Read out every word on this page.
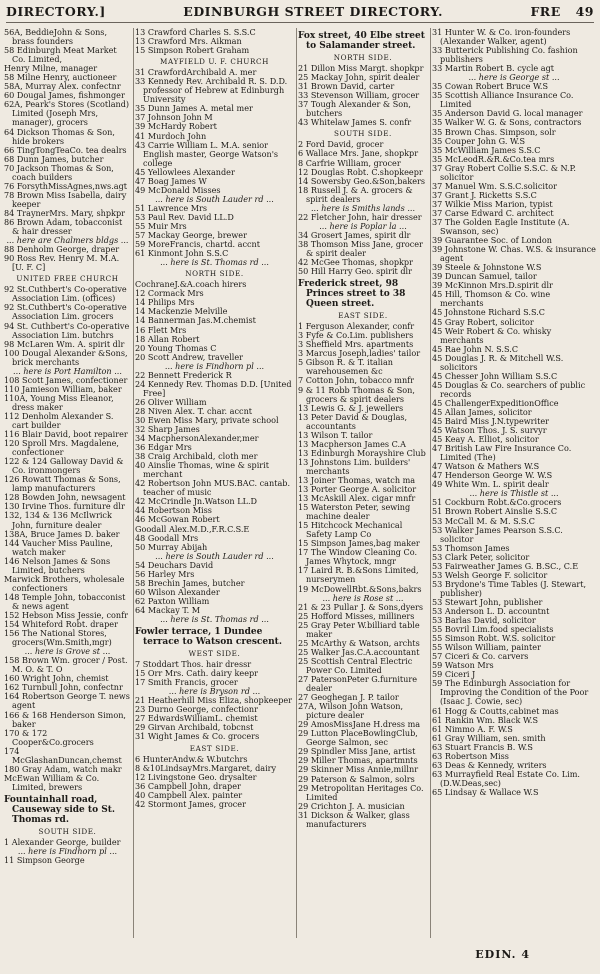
DIRECTORY.]	EDINBURGH STREET DIRECTORY.	FRE 49
56A, BeddieJohn & Sons, brass founders
58 Edinburgh Meat Market Co. Limited,
Henry Milne, manager
58 Milne Henry, auctioneer
58A, Murray Alex. confectnr
60 Dougal James, fishmonger
62A, Peark's Stores (Scotland) Limited (Joseph Mrs, manager), grocers
64 Dickson Thomas & Son, hide brokers
66 TingTongTeaCo. tea dealrs
68 Dunn James, butcher
70 Jackson Thomas & Son, coach builders
76 ForsythMissAgnes,nws.agt
78 Brown Miss Isabella, dairy keeper
84 TraynerMrs. Mary, shpkpr
86 Brown Adam, tobacconist & hair dresser
... here are Chalmers bldgs ...
88 Denholm George, draper
90 Ross Rev. Henry M. M.A. [U. F. C]
UNITED FREE CHURCH
92 St.Cuthbert's Co-operative Association Lim. (offices)
92 St.Cuthbert's Co-operative Association Lim. grocers
94 St. Cuthbert's Co-operative Association Lim. butchrs
98 McLaren Wm. A. spirit dlr
100 Dougal Alexander &Sons, brick merchants
... here is Port Hamilton ...
108 Scott James, confectioner
110 Jamieson William, baker
110A, Young Miss Eleanor, dress maker
112 Denholm Alexander S. cart builder
116 Blair David, boot repairer
120 Sproll Mrs. Magdalene, confectioner
122 & 124 Galloway David & Co. ironmongers
126 Rowatt Thomas & Sons, lamp manufacturers
128 Bowden John, newsagent
130 Irvine Thos. furniture dlr
132, 134 & 136 McIlwrick John, furniture dealer
138A, Bruce James D. baker
144 Vaucher Miss Pauline, watch maker
146 Nelson James & Sons Limited, butchers
Marwick Brothers, wholesale confectioners
148 Temple John, tobacconist & news agent
152 Hebson Miss Jessie, confr
154 Whiteford Robt. draper
156 The National Stores, grocers(Wm.Smith,mgr)
... here is Grove st ...
158 Brown Wm. grocer / Post. M. O. & T. O
160 Wright John, chemist
162 Turnbull John, confectnr
164 Robertson George T. news agent
166 & 168 Henderson Simon, baker
170 & 172 Cooper&Co.grocers
174 McGlashanDuncan,chemst
180 Gray Adam, watch makr
McEwan William & Co. Limited, brewers
Fountainhall road, Causeway side to St. Thomas rd.
SOUTH SIDE.
1 Alexander George, builder
... here is Findhorn pl ...
11 Simpson George
13 Crawford Charles S. S.S.C
13 Crawford Mrs. Aikman
15 Simpson Robert Graham
MAYFIELD U. F. CHURCH
31 CrawfordArchibald A. mer
33 Kennedy Rev. Archibald R. S. D.D. professor of Hebrew at Edinburgh University
35 Dunn James A. metal mer
37 Johnson John M
39 McHardy Robert
41 Murdoch John
43 Carrie William L. M.A. senior English master, George Watson's college
45 Yellowlees Alexander
47 Boag James W
49 McDonald Misses
... here is South Lauder rd ...
51 Lawrence Mrs
53 Paul Rev. David LL.D
55 Muir Mrs
57 Mackay George, brewer
59 MoreFrancis, chartd. accnt
61 Kinmont John S.S.C
... here is St. Thomas rd ...
NORTH SIDE.
CochraneJ.&A.coach hirers
12 Cormack Mrs
14 Philips Mrs
14 Mackenzie Melville
14 Bannerman Jas.M.chemist
16 Flett Mrs
18 Allan Robert
20 Young Thomas C
20 Scott Andrew, traveller
... here is Findhorn pl ...
22 Bennett Frederick R
24 Kennedy Rev. Thomas D.D. [United Free]
26 Oliver William
28 Niven Alex. T. char. accnt
30 Ewen Miss Mary, private school
32 Sharp James
34 MacphersonAlexander,mer
36 Edgar Mrs
38 Craig Archibald, cloth mer
40 Ainslie Thomas, wine & spirit merchant
42 Robertson John MUS.BAC. cantab. teacher of music
42 McCrindle Jn.Watson LL.D
44 Robertson Miss
46 McGowan Robert
Goodall Alex.M.D.,F.R.C.S.E
48 Goodall Mrs
50 Murray Abijah
... here is South Lauder rd ...
54 Deuchars David
56 Harley Mrs
58 Brechin James, butcher
60 Wilson Alexander
62 Paxton William
64 Mackay T. M
... here is St. Thomas rd ...
Fowler terrace, 1 Dundee terrace to Watson crescent.
WEST SIDE.
7 Stoddart Thos. hair dressr
15 Orr Mrs. Cath. dairy keepr
17 Smith Francis, grocer
... here is Bryson rd ...
21 Heatherhill Miss Eliza, shopkeeper
23 Durno George, confectionr
27 EdwardsWilliamL. chemist
29 Girvan Archibald, tobcnst
31 Wight James & Co. grocers
EAST SIDE.
6 HunterAndw.& W.butchrs
8 &10LindsayMrs.Margaret, dairy
12 Livingstone Geo. drysalter
36 Campbell John, draper
40 Campbell Alex. painter
42 Stormont James, grocer
Fox street, 40 Elbe street to Salamander street.
NORTH SIDE.
21 Dillon Miss Margt. shopkpr
25 Mackay John, spirit dealer
31 Brown David, carter
33 Stevenson William, grocer
37 Tough Alexander & Son, butchers
43 Whitelaw James S. confr
SOUTH SIDE.
2 Ford David, grocer
6 Wallace Mrs. Jane, shopkpr
8 Carfrie William, grocer
12 Douglas Robt. C.shopkeepr
14 Sowersby Geo.&Son,bakers
18 Russell J. & A. grocers & spirit dealers
... here is Smiths lands ...
22 Fletcher John, hair dresser
... here is Poplar la ...
34 Grosert James, spirit dlr
38 Thomson Miss Jane, grocer & spirit dealer
42 McGee Thomas, shopkpr
50 Hill Harry Geo. spirit dlr
Frederick street, 98 Princes street to 38 Queen street.
EAST SIDE.
1 Ferguson Alexander, confr
3 Fyfe & Co.Lim. publishers
3 Sheffield Mrs. apartments
3 Marcus Joseph,ladies' tailor
5 Gibson R. & T. italian warehousemen &c
7 Cotton John, tobacco mnfr
9 & 11 Robb Thomas & Son, grocers & spirit dealers
13 Lewis G. & J. jewellers
13 Peter David & Douglas, accountants
13 Wilson T. tailor
13 Macpherson James C.A
13 Edinburgh Morayshire Club
13 Johnstons Lim. builders' merchants
13 Joiner Thomas, watch ma
13 Porter George A. solicitor
13 McAskill Alex. cigar mnfr
15 Waterston Peter, sewing machine dealer
15 Hitchcock Mechanical Safety Lamp Co
15 Simpson James,bag maker
17 The Window Cleaning Co. James Whytock, mngr
17 Laird R. B.&Sons Limited, nurserymen
19 McDowellRbt.&Sons,bakrs
... here is Rose st ...
21 & 23 Pullar J. & Sons,dyers
25 Hofford Misses, milliners
25 Gray Peter W.billiard table maker
25 McArthy & Watson, archts
25 Walker Jas.C.A.accountant
25 Scottish Central Electric Power Co. Limited
27 PatersonPeter G.furniture dealer
27 Geoghegan J. P. tailor
27A, Wilson John Watson, picture dealer
29 AmosMissJane H.dress ma
29 Lutton PlaceBowlingClub, George Salmon, sec
29 Spindler Miss Jane, artist
29 Miller Thomas, apartmnts
29 Skinner Miss Annie,millnr
29 Paterson & Salmon, solrs
29 Metropolitan Heritages Co. Limited
29 Crichton J. A. musician
31 Dickson & Walker, glass manufacturers
31 Hunter W. & Co. iron-founders (Alexander Walker, agent)
33 Butterick Publishing Co. fashion publishers
33 Martin Robert B. cycle agt
... here is George st ...
35 Cowan Robert Bruce W.S
35 Scottish Alliance Insurance Co. Limited
35 Anderson David G. local manager
35 Walker W. G. & Sons, contractors
35 Brown Chas. Simpson, solr
35 Couper John G. W.S
35 McWilliam James S.S.C
35 McLeodR.&R.&Co.tea mrs
37 Gray Robert Collie S.S.C. & N.P. solicitor
37 Manuel Wm. S.S.C.solicitor
37 Grant J. Ricketts S.S.C
37 Wilkie Miss Marion, typist
37 Carse Edward C. architect
37 The Golden Eagle Institute (A. Swanson, sec)
39 Guarantee Soc. of London
39 Johnstone W. Chas. W.S. & insurance agent
39 Steele & Johnstone W.S
39 Duncan Samuel, tailor
39 McKinnon Mrs.D.spirit dlr
45 Hill, Thomson & Co. wine merchants
45 Johnstone Richard S.S.C
45 Gray Robert, solicitor
45 Weir Robert & Co. whisky merchants
45 Rae John N. S.S.C
45 Douglas J. R. & Mitchell W.S. solicitors
45 Chesser John William S.S.C
45 Douglas & Co. searchers of public records
45 ChallengerExpeditionOffice
45 Allan James, solicitor
45 Baird Miss J.N.typewriter
45 Watson Thos. J. S. survyr
45 Keay A. Elliot, solicitor
47 British Law Fire Insurance Co. Limited (The)
47 Watson & Mathers W.S
47 Henderson George W. W.S
49 White Wm. L. spirit dealr
... here is Thistle st ...
51 Cockburn Robt.&Co.grocers
51 Brown Robert Ainslie S.S.C
53 McCall M. & M. S.S.C
53 Walker James Pearson S.S.C. solicitor
53 Thomson James
53 Clark Peter, solicitor
53 Fairweather James G. B.SC., C.E
53 Welsh George F. solicitor
53 Brydone's Time Tables (J. Stewart, publisher)
53 Stewart John, publisher
53 Anderson L. D. accountnt
53 Barlas David, solicitor
55 Bovril Lim.food specialists
55 Simson Robt. W.S. solicitor
55 Wilson William, painter
57 Ciceri & Co. carvers
59 Watson Mrs
59 Ciceri J
59 The Edinburgh Association for Improving the Condition of the Poor (Isaac J. Cowie, sec)
61 Hogg & Coutts,cabinet mas
61 Rankin Wm. Black W.S
61 Nimmo A. F. W.S
61 Gray William, sen. smith
63 Stuart Francis B. W.S
63 Robertson Miss
63 Deas & Kennedy, writers
63 Murrayfield Real Estate Co. Lim.(D.W.Deas,sec)
65 Lindsay & Wallace W.S
EDIN. 4
